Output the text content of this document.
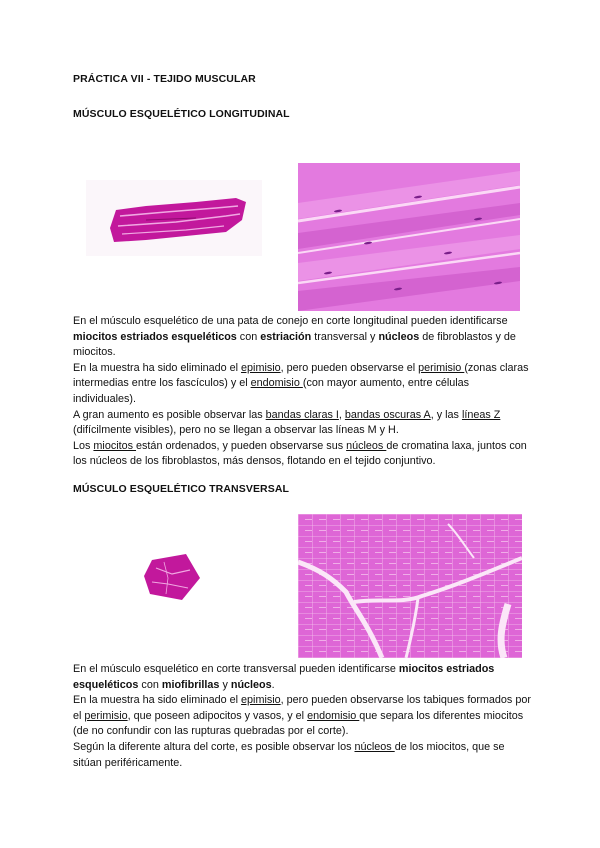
PRÁCTICA VII - TEJIDO MUSCULAR
MÚSCULO ESQUELÉTICO LONGITUDINAL
En el músculo esquelético de una pata de conejo en corte longitudinal pueden identificarse miocitos estriados esqueléticos con estriación transversal y núcleos de fibroblastos y de miocitos.
En la muestra ha sido eliminado el epimisio, pero pueden observarse el perimisio (zonas claras intermedias entre los fascículos) y el endomisio (con mayor aumento, entre células individuales).
A gran aumento es posible observar las bandas claras I, bandas oscuras A, y las líneas Z (difícilmente visibles), pero no se llegan a observar las líneas M y H.
Los miocitos están ordenados, y pueden observarse sus núcleos de cromatina laxa, juntos con los núcleos de los fibroblastos, más densos, flotando en el tejido conjuntivo.
MÚSCULO ESQUELÉTICO TRANSVERSAL
En el músculo esquelético en corte transversal pueden identificarse miocitos estriados esqueléticos con miofibrillas y núcleos.
En la muestra ha sido eliminado el epimisio, pero pueden observarse los tabiques formados por el perimisio, que poseen adipocitos y vasos, y el endomisio que separa los diferentes miocitos (de no confundir con las rupturas quebradas por el corte).
Según la diferente altura del corte, es posible observar los núcleos de los miocitos, que se sitúan periféricamente.
